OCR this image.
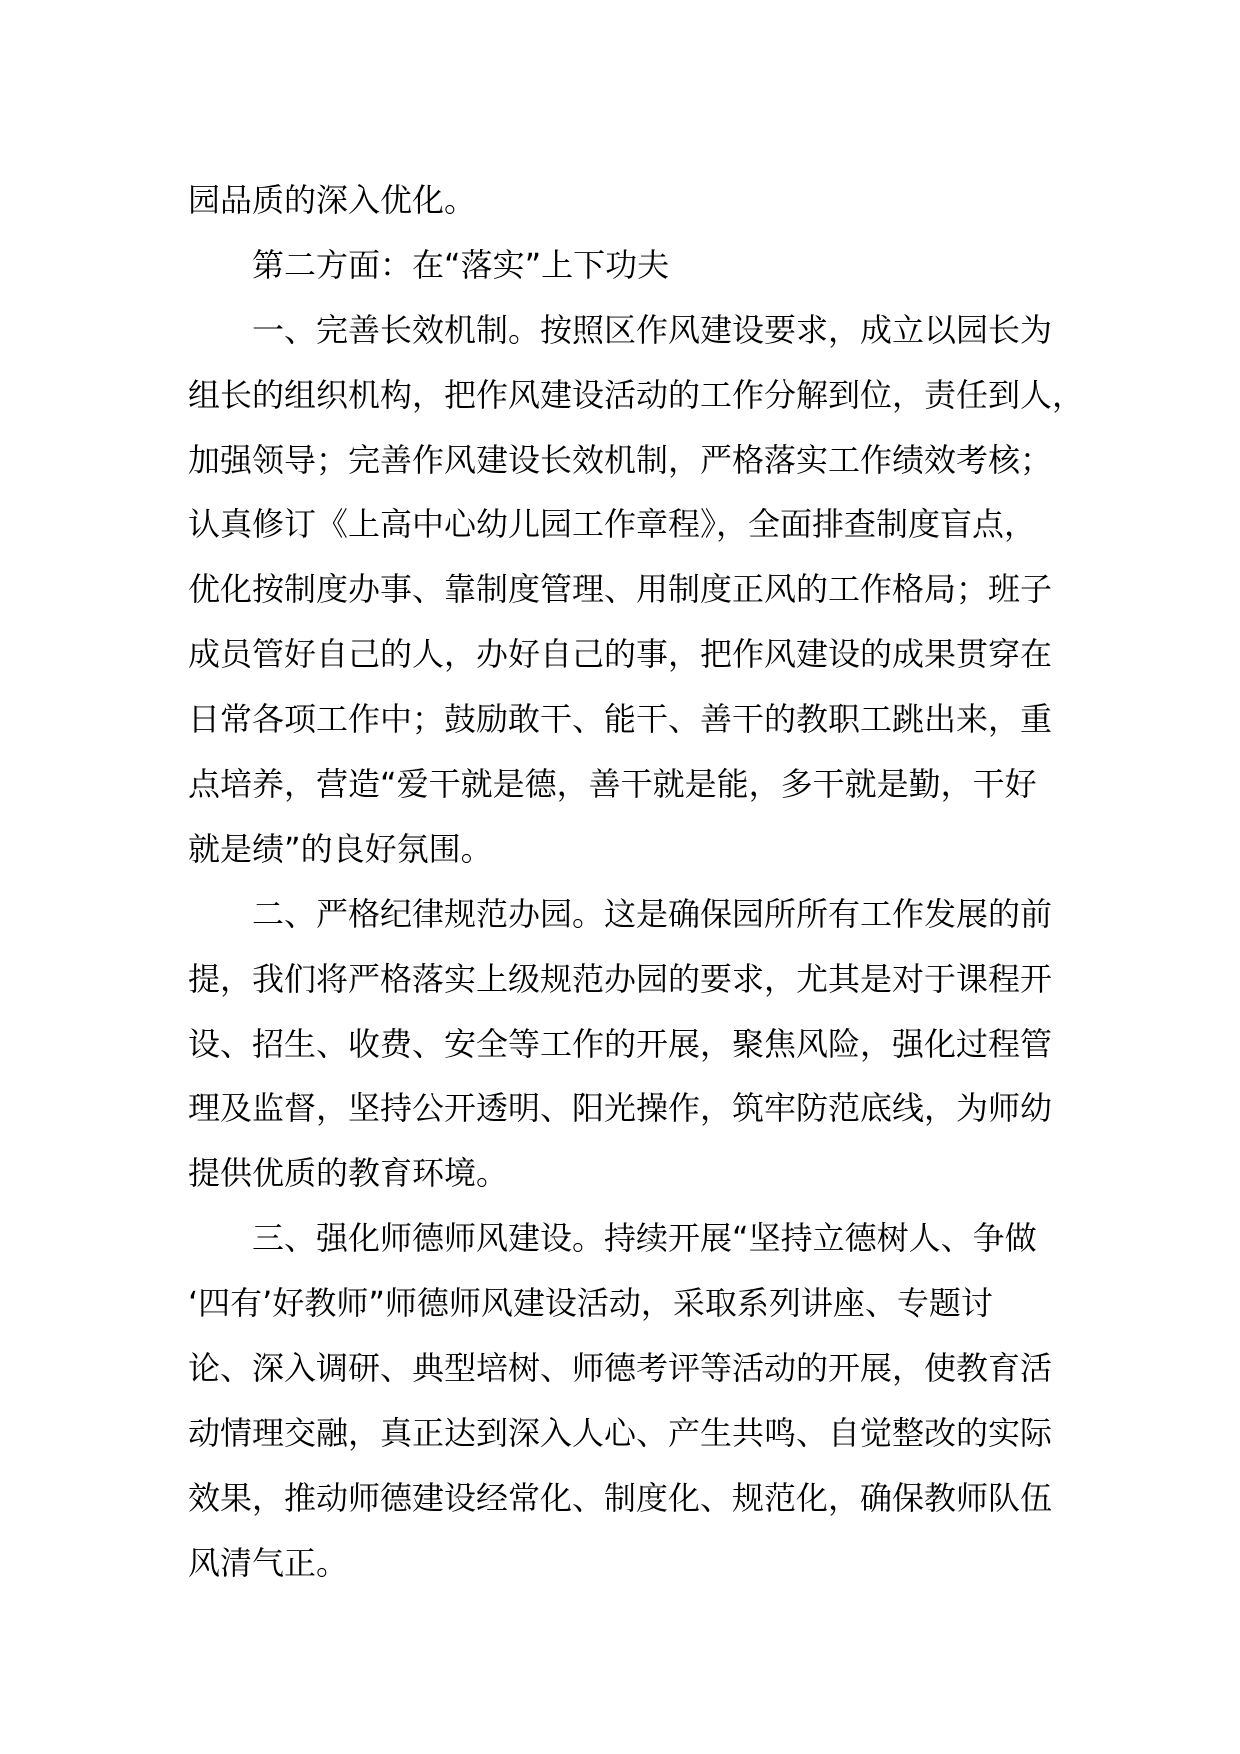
园品质的深入优化。
第二方面：在“落实”上下功夫
一、完善长效机制。按照区作风建设要求，成立以园长为
组长的组织机构，把作风建设活动的工作分解到位，责任到人，
加强领导；完善作风建设长效机制，严格落实工作绩效考核；
认真修订《上高中心幼儿园工作章程》，全面排查制度盲点，
优化按制度办事、靠制度管理、用制度正风的工作格局；班子
成员管好自己的人，办好自己的事，把作风建设的成果贯穿在
日常各项工作中；鼓励敢干、能干、善干的教职工跳出来，重
点培养，营造“爱干就是德，善干就是能，多干就是勤，干好
就是绩”的良好氛围。
二、严格纪律规范办园。这是确保园所所有工作发展的前
提，我们将严格落实上级规范办园的要求，尤其是对于课程开
设、招生、收费、安全等工作的开展，聚焦风险，强化过程管
理及监督，坚持公开透明、阳光操作，筑牢防范底线，为师幼
提供优质的教育环境。
三、强化师德师风建设。持续开展“坚持立德树人、争做
‘四有’好教师”师德师风建设活动，采取系列讲座、专题讨
论、深入调研、典型培树、师德考评等活动的开展，使教育活
动情理交融，真正达到深入人心、产生共鸣、自觉整改的实际
效果，推动师德建设经常化、制度化、规范化，确保教师队伍
风清气正。
